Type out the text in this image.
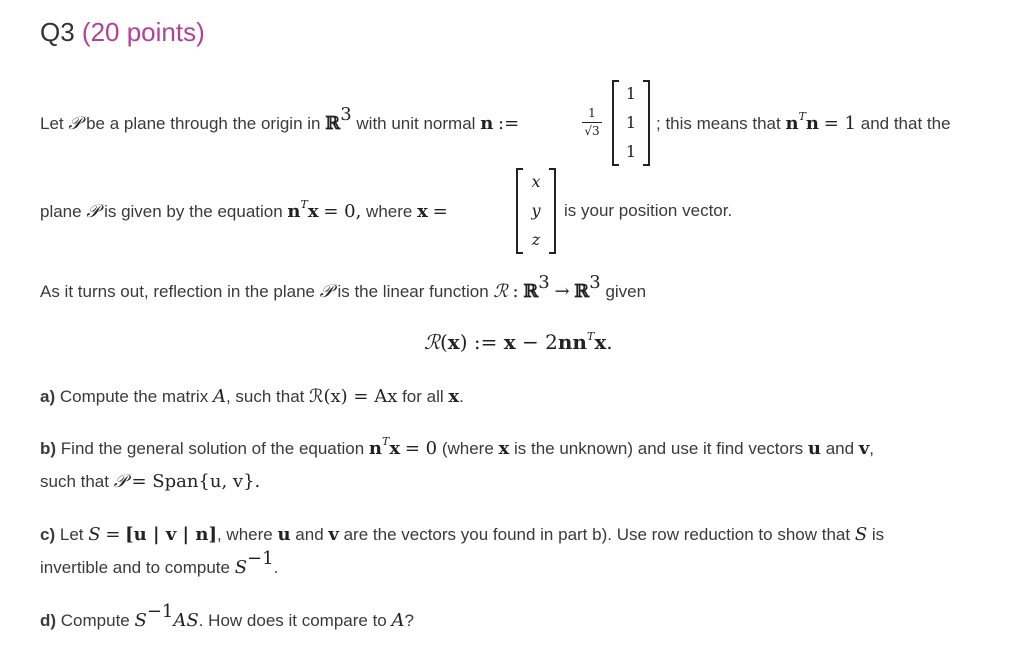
Q3 (20 points)
Let 𝒫 be a plane through the origin in ℝ$^3$ with unit normal n :=	1
√3
1
1
1
; this means that $n^Tn = 1$ and that the
plane 𝒫 is given by the equation $n^Tx = 0$, where x =
x
y
z
is your position vector.
As it turns out, reflection in the plane 𝒫 is the linear function ℛ : ℝ$^3$ → ℝ$^3$ given
ℛ(x) := $x - 2nn^Tx$.
a) Compute the matrix A, such that ℛ(x) = Ax for all x.
b) Find the general solution of the equation $n^Tx = 0$ (where x is the unknown) and use it find vectors u and v,
such that 𝒫 = Span{u, v}.
c) Let S = [u | v | n], where u and v are the vectors you found in part b). Use row reduction to show that S is
invertible and to compute $S^{-1}$.
d) Compute $S^{-1}AS$. How does it compare to A?
